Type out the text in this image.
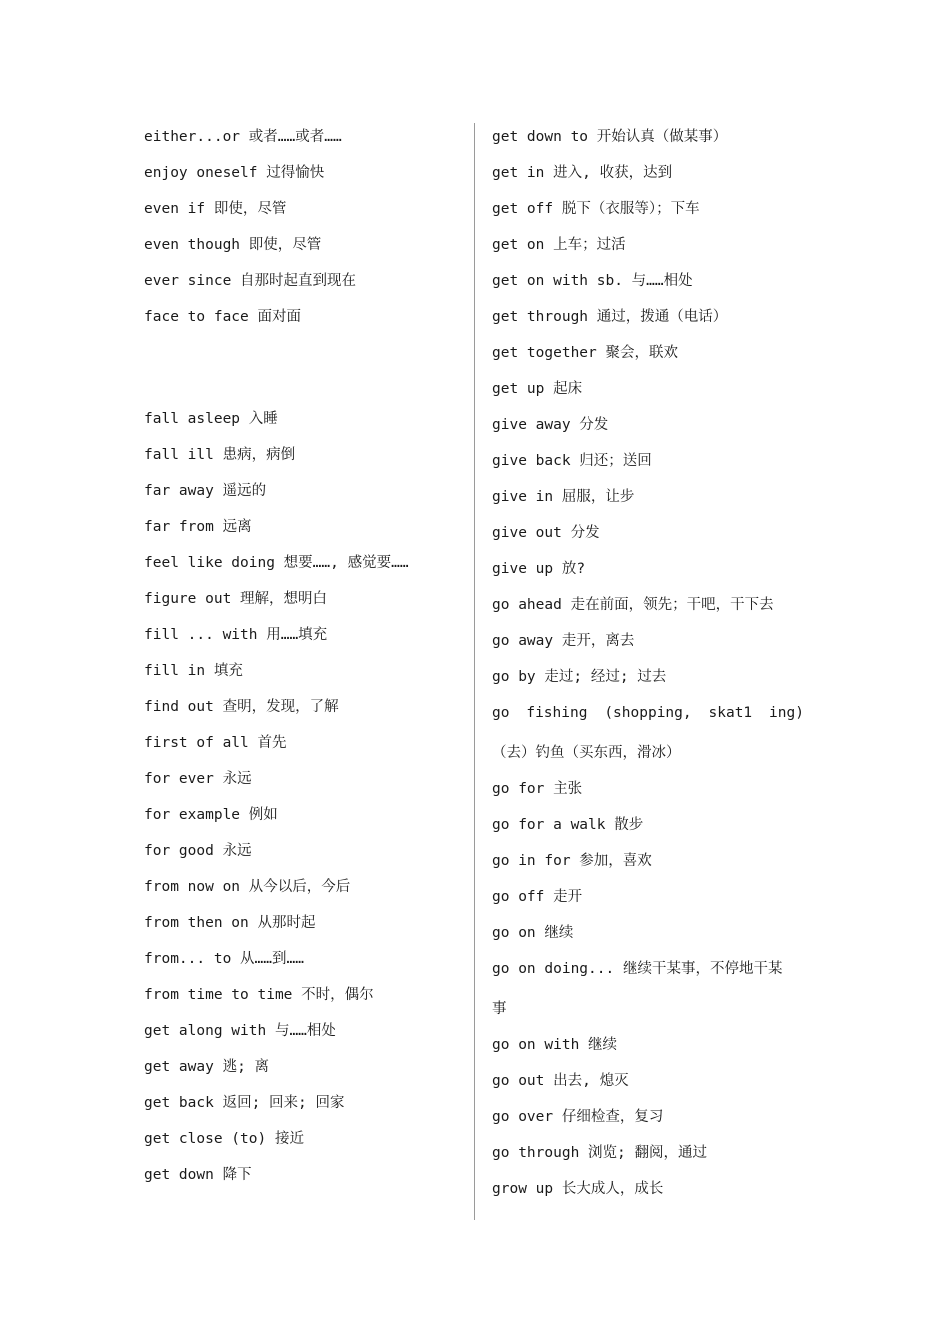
either...or 或者……或者……
enjoy oneself 过得愉快
even if 即使，尽管
even though 即使，尽管
ever since 自那时起直到现在
face to face 面对面
fall asleep 入睡
fall ill 患病，病倒
far away 遥远的
far from 远离
feel like doing 想要……, 感觉要……
figure out 理解，想明白
fill ... with 用……填充
fill in 填充
find out 查明，发现，了解
first of all 首先
for ever 永远
for example 例如
for good 永远
from now on 从今以后，今后
from then on 从那时起
from... to 从……到……
from time to time 不时，偶尔
get along with 与……相处
get away 逃; 离
get back 返回; 回来; 回家
get close (to) 接近
get down 降下
get down to 开始认真（做某事）
get in 进入, 收获，达到
get off 脱下（衣服等）；下车
get on 上车；过活
get on with sb. 与……相处
get through 通过，拨通（电话）
get together 聚会，联欢
get up 起床
give away 分发
give back 归还；送回
give in 屈服，让步
give out 分发
give up 放?
go ahead 走在前面，领先；干吧，干下去
go away 走开，离去
go by 走过; 经过; 过去
go fishing (shopping, skat1 ing)
（去）钓鱼（买东西，滑冰）
go for 主张
go for a walk 散步
go in for 参加，喜欢
go off 走开
go on 继续
go on doing... 继续干某事，不停地干某
事
go on with 继续
go out 出去, 熄灭
go over 仔细检查，复习
go through 浏览; 翻阅，通过
grow up 长大成人，成长
